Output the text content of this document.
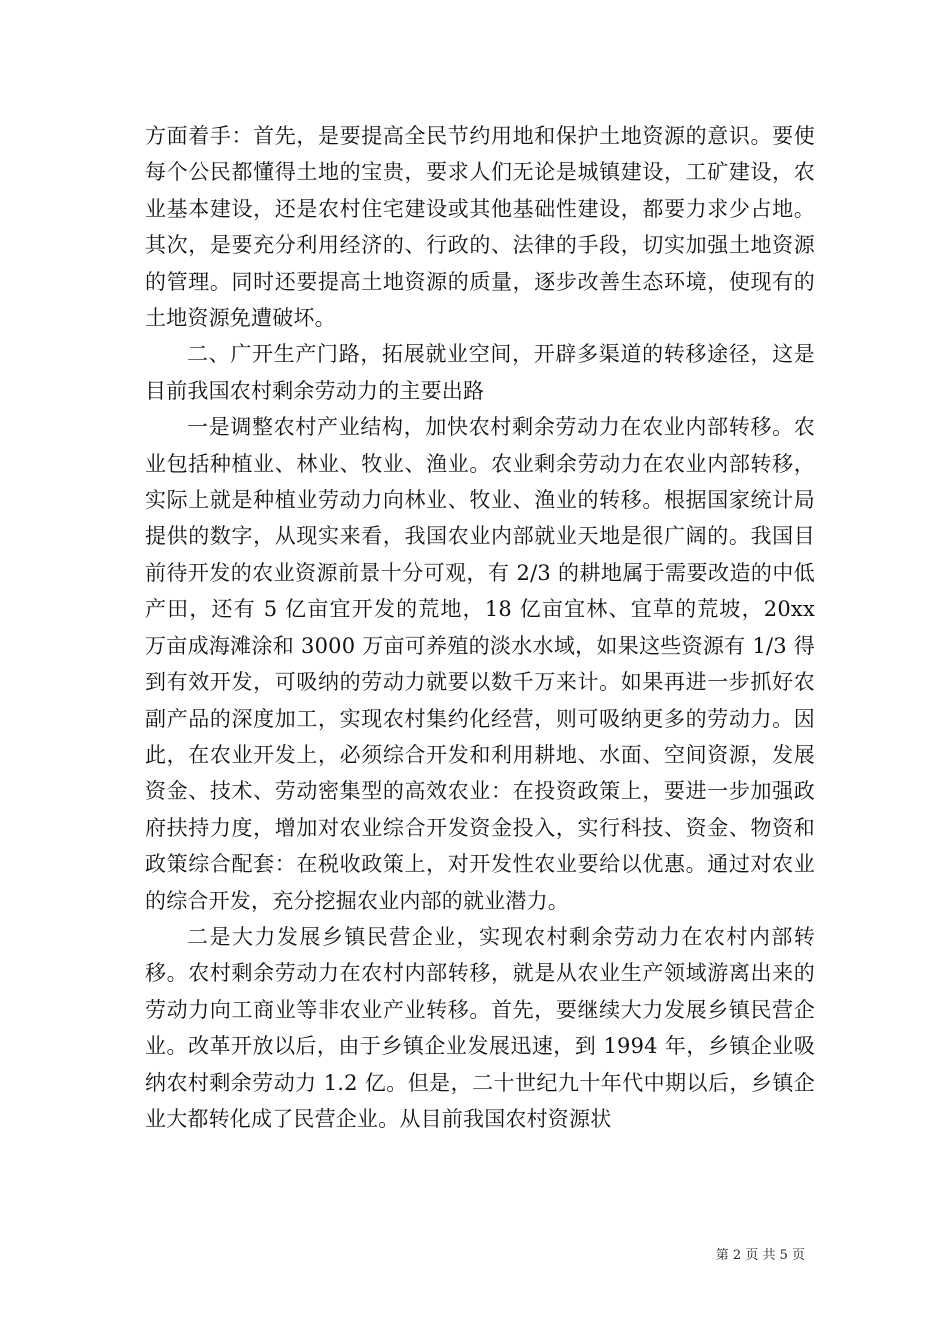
方面着手：首先，是要提高全民节约用地和保护土地资源的意识。要使每个公民都懂得土地的宝贵，要求人们无论是城镇建设，工矿建设，农业基本建设，还是农村住宅建设或其他基础性建设，都要力求少占地。其次，是要充分利用经济的、行政的、法律的手段，切实加强土地资源的管理。同时还要提高土地资源的质量，逐步改善生态环境，使现有的土地资源免遭破坏。

二、广开生产门路，拓展就业空间，开辟多渠道的转移途径，这是目前我国农村剩余劳动力的主要出路

一是调整农村产业结构，加快农村剩余劳动力在农业内部转移。农业包括种植业、林业、牧业、渔业。农业剩余劳动力在农业内部转移，实际上就是种植业劳动力向林业、牧业、渔业的转移。根据国家统计局提供的数字，从现实来看，我国农业内部就业天地是很广阔的。我国目前待开发的农业资源前景十分可观，有 2/3 的耕地属于需要改造的中低产田，还有 5 亿亩宜开发的荒地，18 亿亩宜林、宜草的荒坡，20xx 万亩成海滩涂和 3000 万亩可养殖的淡水水域，如果这些资源有 1/3 得到有效开发，可吸纳的劳动力就要以数千万来计。如果再进一步抓好农副产品的深度加工，实现农村集约化经营，则可吸纳更多的劳动力。因此，在农业开发上，必须综合开发和利用耕地、水面、空间资源，发展资金、技术、劳动密集型的高效农业：在投资政策上，要进一步加强政府扶持力度，增加对农业综合开发资金投入，实行科技、资金、物资和政策综合配套：在税收政策上，对开发性农业要给以优惠。通过对农业的综合开发，充分挖掘农业内部的就业潜力。

二是大力发展乡镇民营企业，实现农村剩余劳动力在农村内部转移。农村剩余劳动力在农村内部转移，就是从农业生产领域游离出来的劳动力向工商业等非农业产业转移。首先，要继续大力发展乡镇民营企业。改革开放以后，由于乡镇企业发展迅速，到 1994 年，乡镇企业吸纳农村剩余劳动力 1.2 亿。但是，二十世纪九十年代中期以后，乡镇企业大都转化成了民营企业。从目前我国农村资源状

第 2 页 共 5 页
